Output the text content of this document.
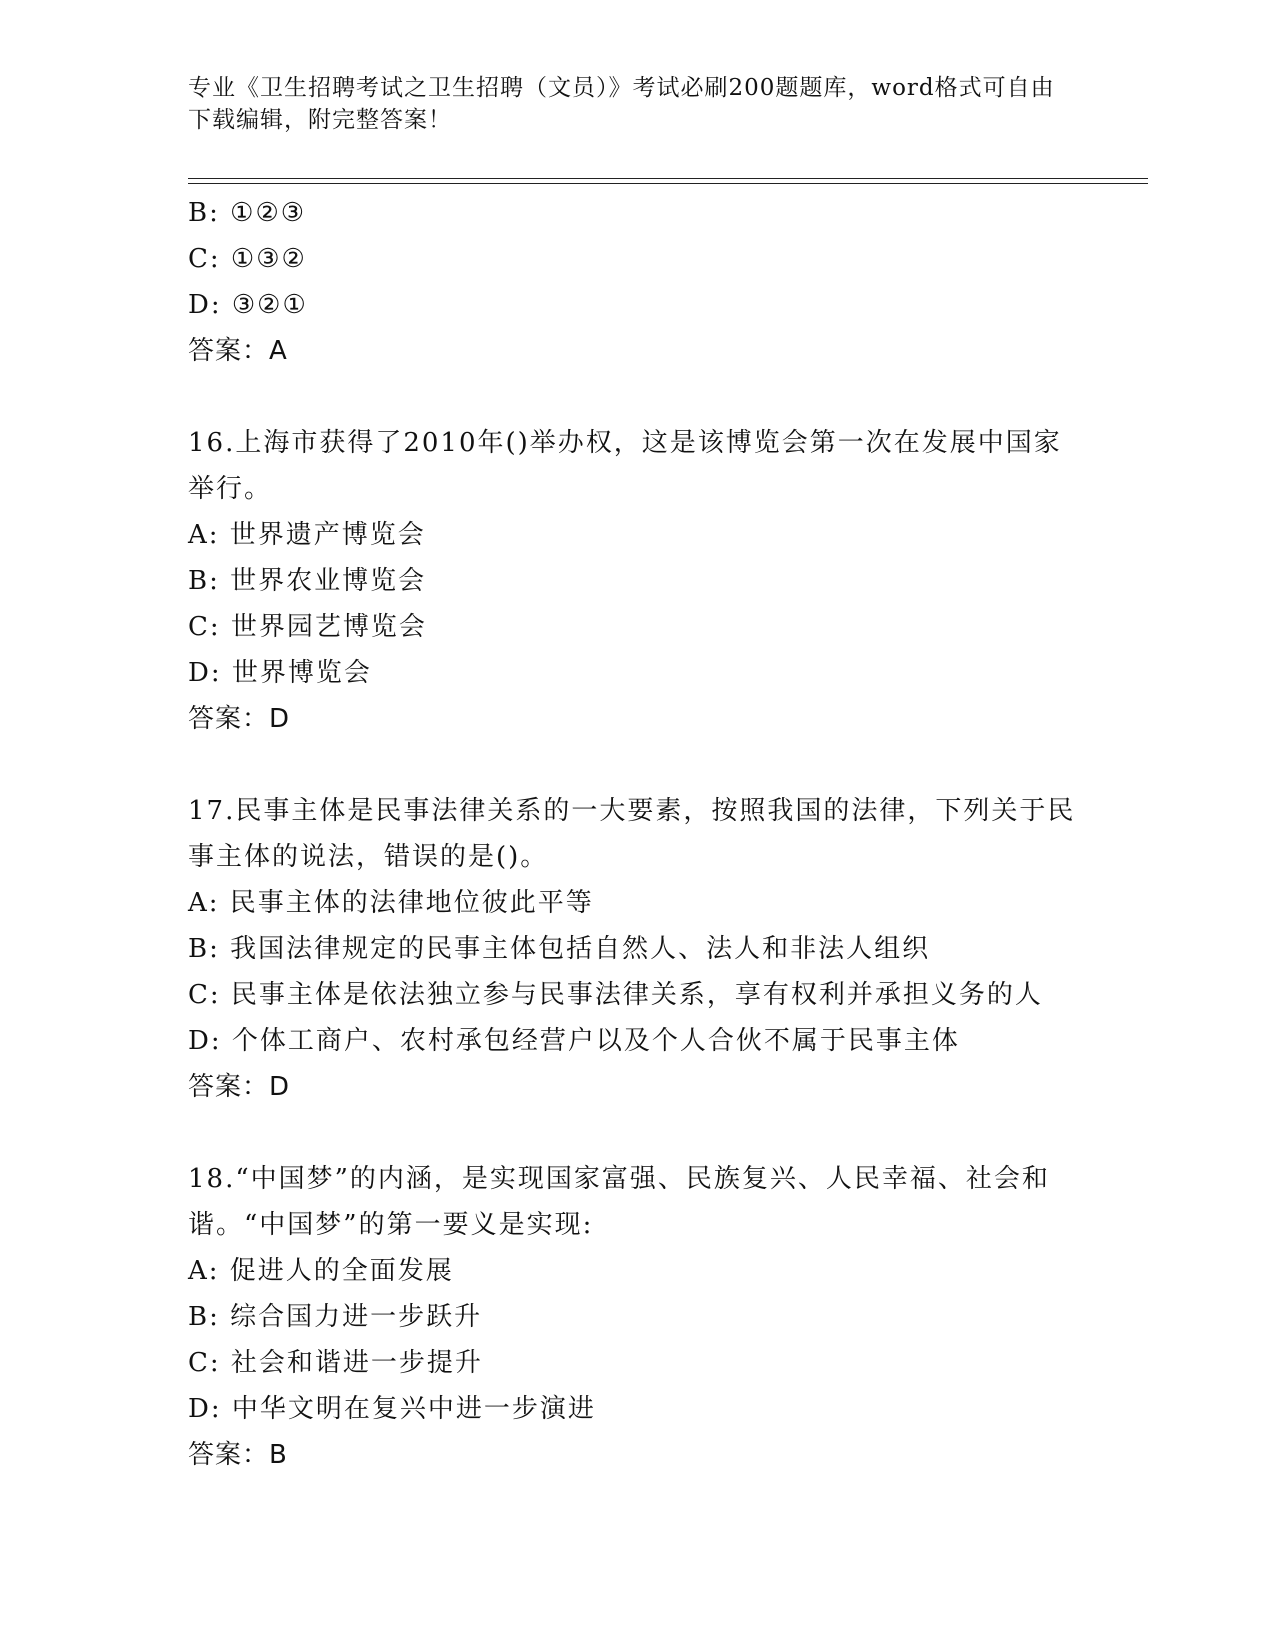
专业《卫生招聘考试之卫生招聘（文员）》考试必刷200题题库，word格式可自由下载编辑，附完整答案！
B: ①②③
C: ①③②
D: ③②①
答案：A
16.上海市获得了2010年()举办权，这是该博览会第一次在发展中国家举行。
A: 世界遗产博览会
B: 世界农业博览会
C: 世界园艺博览会
D: 世界博览会
答案：D
17.民事主体是民事法律关系的一大要素，按照我国的法律，下列关于民事主体的说法，错误的是()。
A: 民事主体的法律地位彼此平等
B: 我国法律规定的民事主体包括自然人、法人和非法人组织
C: 民事主体是依法独立参与民事法律关系，享有权利并承担义务的人
D: 个体工商户、农村承包经营户以及个人合伙不属于民事主体
答案：D
18.“中国梦”的内涵，是实现国家富强、民族复兴、人民幸福、社会和谐。“中国梦”的第一要义是实现:
A: 促进人的全面发展
B: 综合国力进一步跃升
C: 社会和谐进一步提升
D: 中华文明在复兴中进一步演进
答案：B
